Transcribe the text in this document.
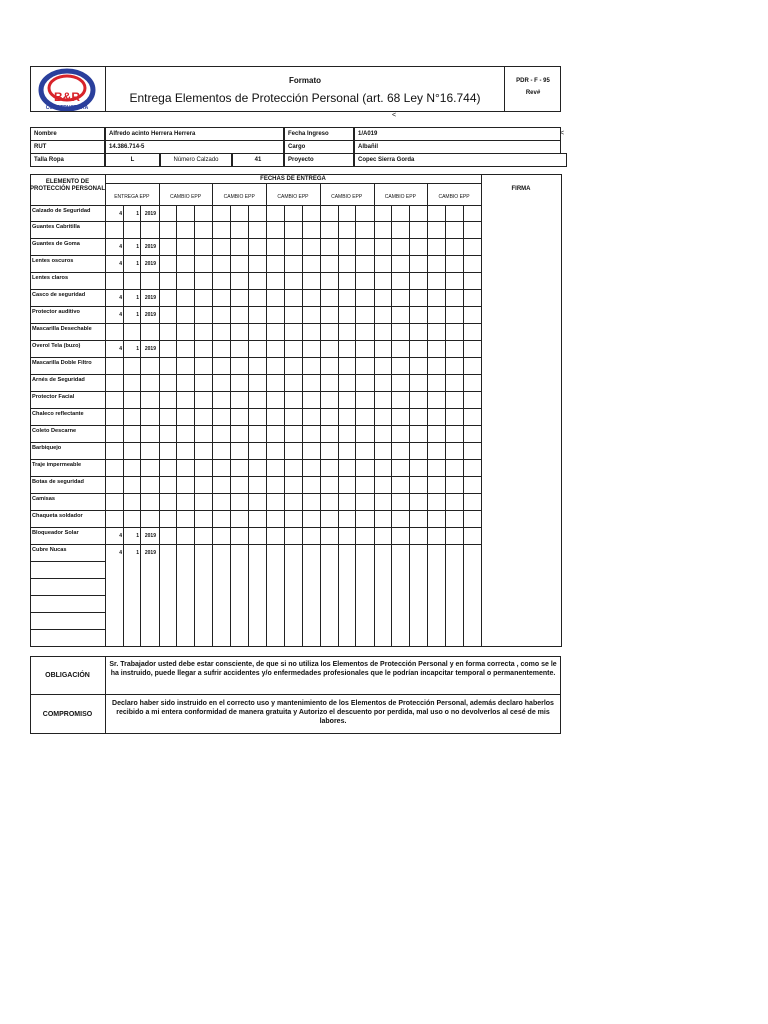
B&R
CONSTRUCTORA
Formato
Entrega Elementos de Protección Personal (art. 68 Ley N°16.744)
PDR - F - 95
Rev#
<
<
Nombre	Alfredo acinto Herrera Herrera	Fecha Ingreso	1/A019
RUT	14.386.714-5	Cargo	Albañil
Talla Ropa	L	Número Calzado	41	Proyecto	Copec Sierra Gorda
ENTREGA EPP	CAMBIO EPP	CAMBIO EPP	CAMBIO EPP	CAMBIO EPP	CAMBIO EPP	CAMBIO EPP
Calzado de Seguridad	4	1	2019
Guantes Cabritilla
Guantes de Goma	4	1	2019
Lentes oscuros	4	1	2019
Lentes claros
Casco de seguridad	4	1	2019
Protector auditivo	4	1	2019
Mascarilla Desechable
Overol Tela (buzo)	4	1	2019
Mascarilla Doble Filtro
Arnés de Seguridad
Protector Facial
Chaleco reflectante
Coleto Descarne
Barbiquejo
Traje impermeable
Botas de seguridad
Camisas
Chaqueta soldador
Bloqueador Solar	4	1	2019
Cubre Nucas	4	1	2019
ELEMENTO DE PROTECCIÓN PERSONAL
FECHAS DE ENTREGA
FIRMA
OBLIGACIÓN
Sr. Trabajador usted debe estar consciente, de que si no utiliza los Elementos de Protección Personal y en forma correcta , como se le ha instruido, puede llegar a sufrir accidentes y/o enfermedades profesionales que le podrían incapcitar temporal o permanentemente.
COMPROMISO
Declaro haber sido instruido en el correcto uso y mantenimiento de los Elementos de Protección Personal, además declaro haberlos recibido a mi entera conformidad de manera gratuita y Autorizo el descuento por perdida, mal uso o no devolverlos al cesé de mis labores.
